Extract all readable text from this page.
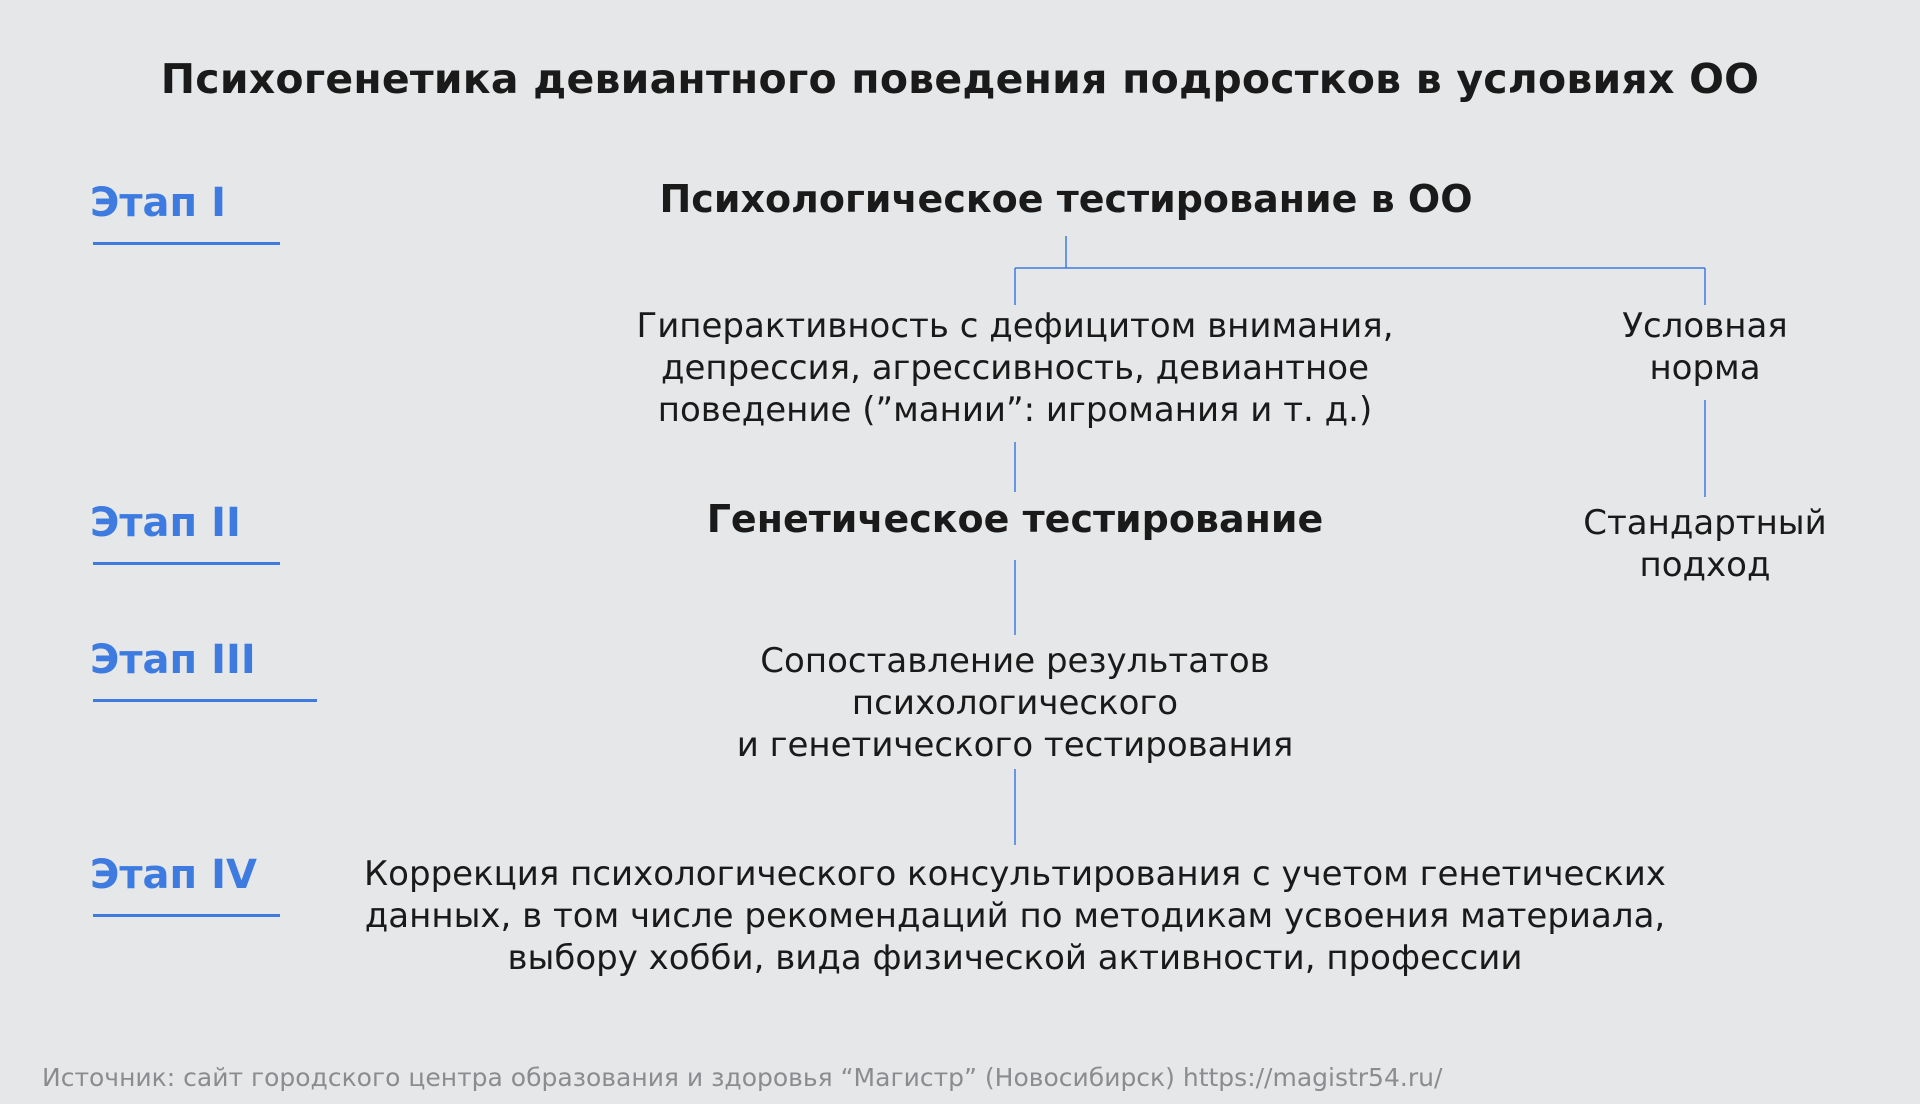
Психогенетика девиантного поведения подростков в условиях ОО
Этап I
Этап II
Этап III
Этап IV
Психологическое тестирование в ОО
Гиперактивность с дефицитом внимания,
депрессия, агрессивность, девиантное
поведение (”мании”: игромания и т. д.)
Условная
норма
Генетическое тестирование	Стандартный
подход
Сопоставление результатов
психологического
и генетического тестирования
Коррекция психологического консультирования с учетом генетических
данных, в том числе рекомендаций по методикам усвоения материала,
выбору хобби, вида физической активности, профессии
Источник: сайт городского центра образования и здоровья “Магистр” (Новосибирск) https://magistr54.ru/
